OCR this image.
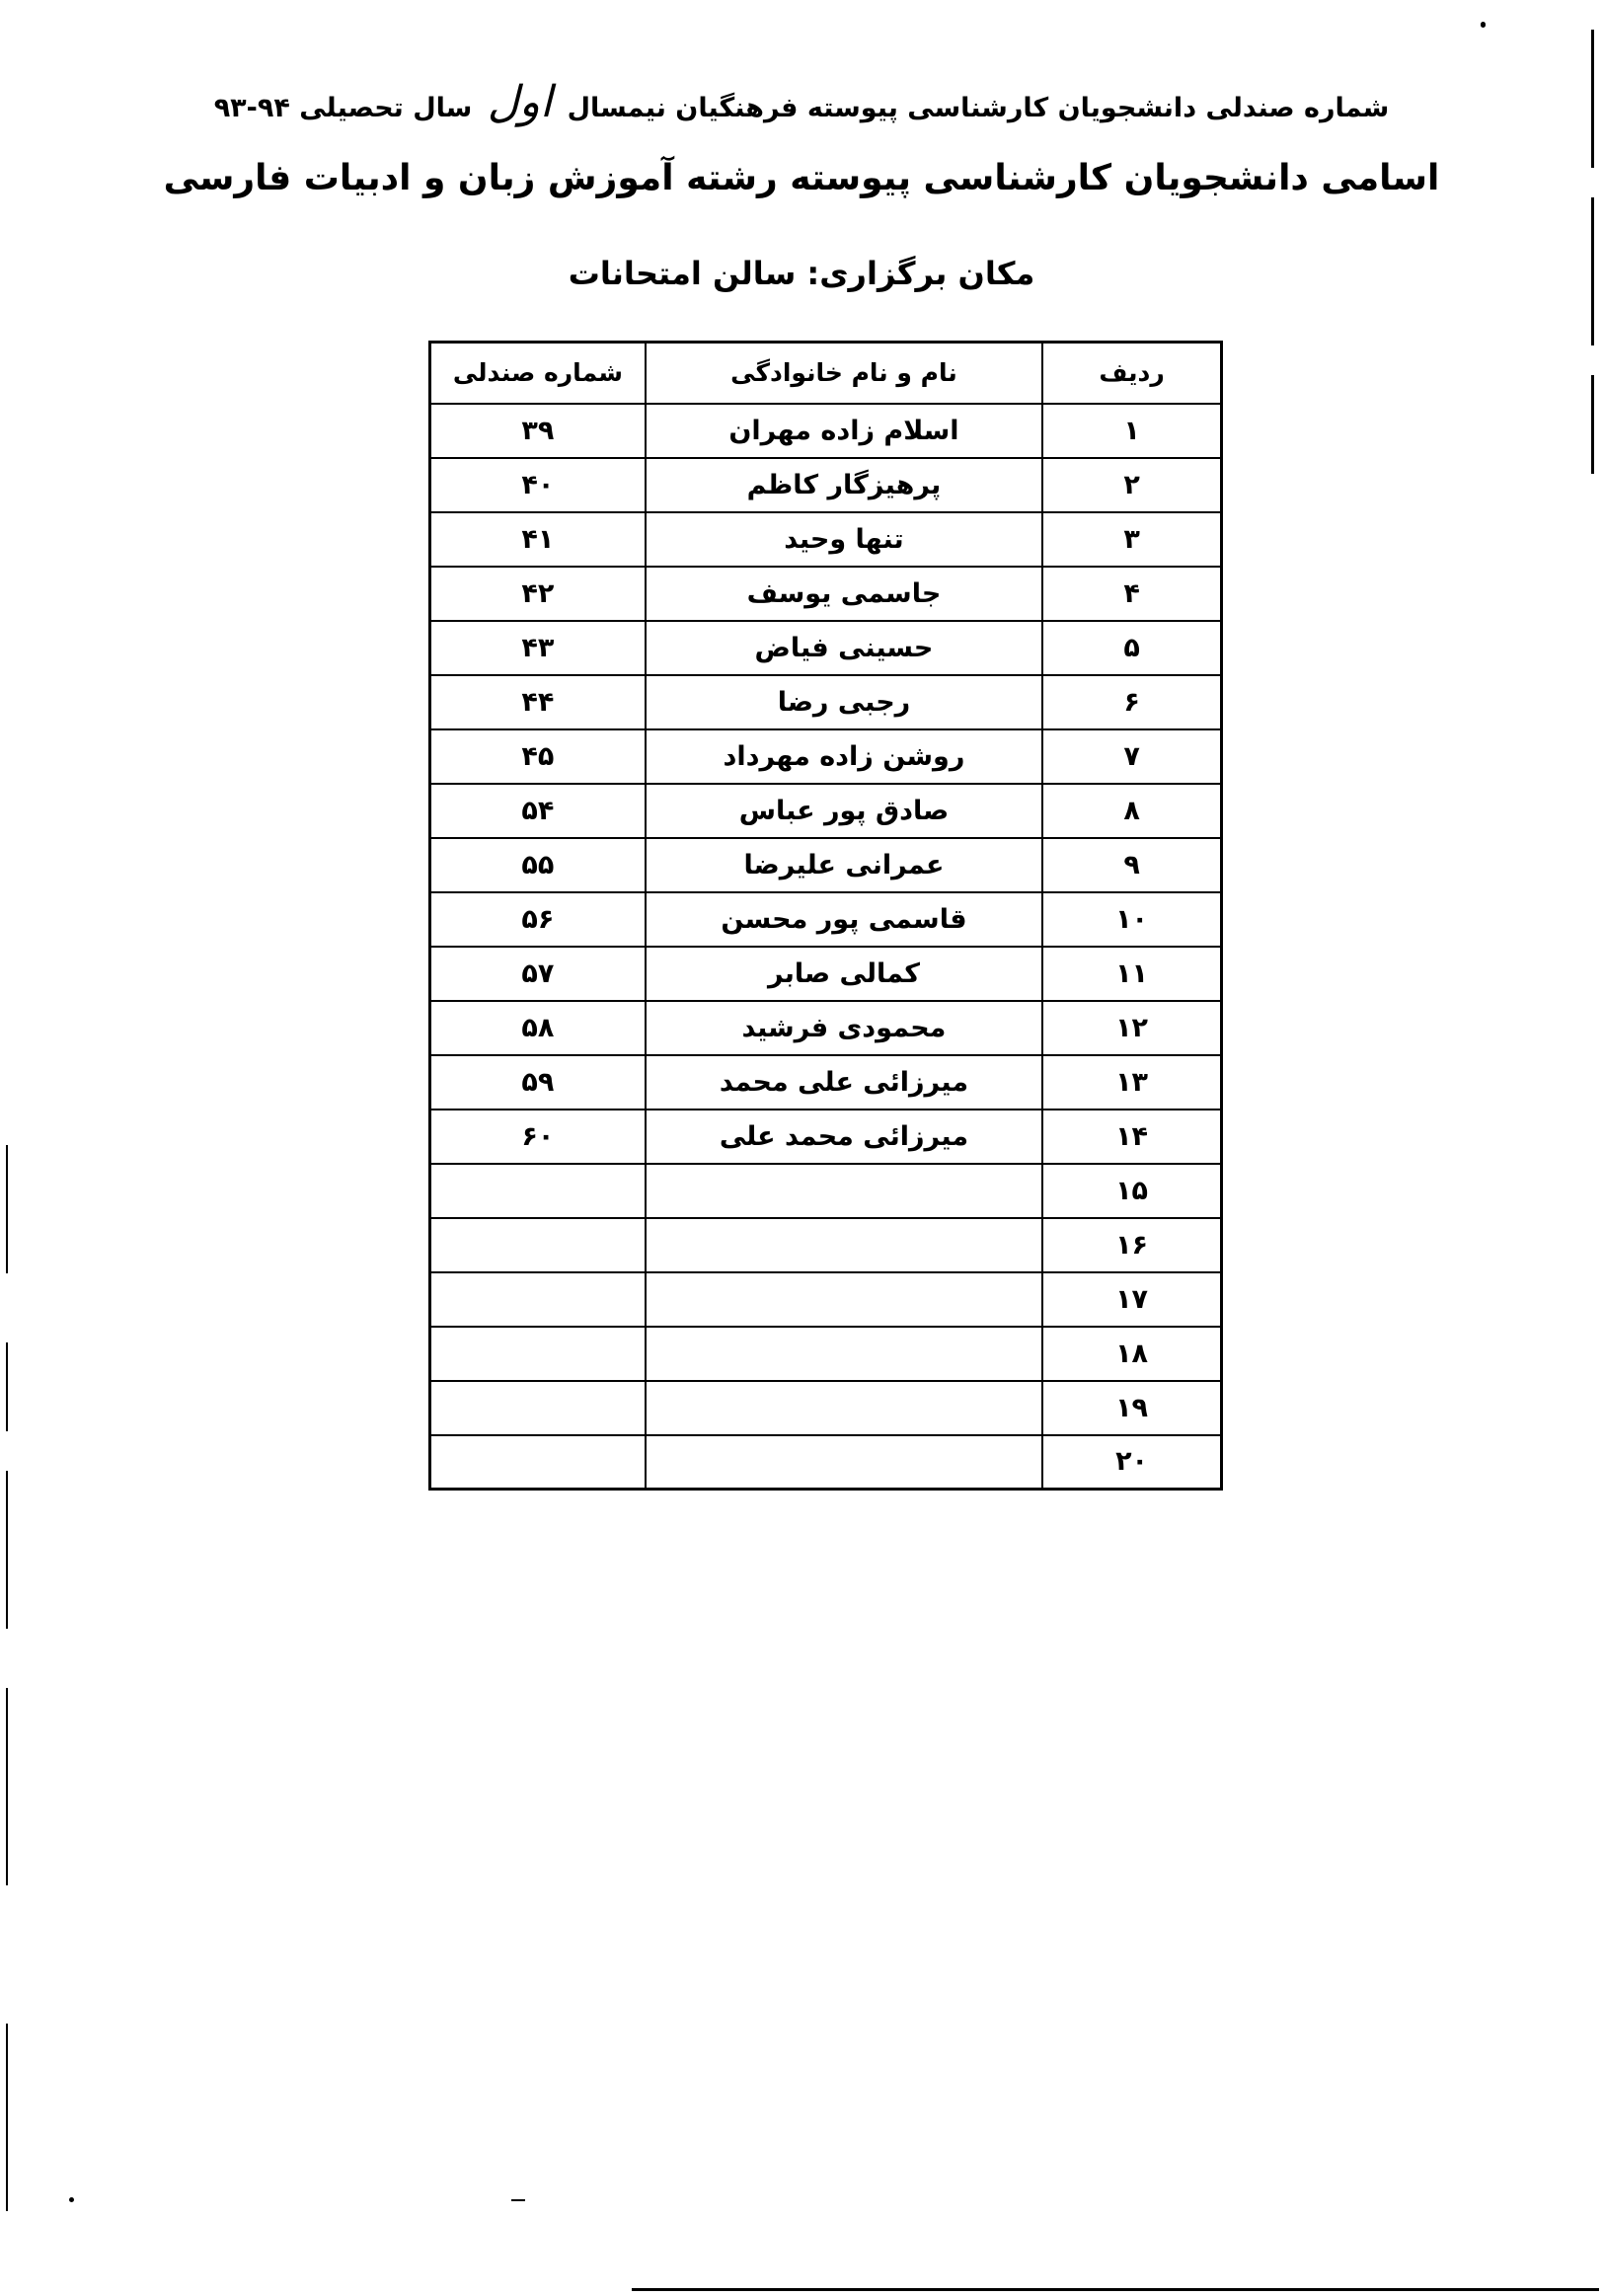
شماره صندلی دانشجویان کارشناسی پیوسته فرهنگیان نیمسال اول سال تحصیلی ۹۴-۹۳
اسامی دانشجویان کارشناسی پیوسته رشته آموزش زبان و ادبیات فارسی
مکان برگزاری: سالن امتحانات
ردیف	نام و نام خانوادگی	شماره صندلی
۱	اسلام زاده مهران	۳۹
۲	پرهیزگار کاظم	۴۰
۳	تنها وحید	۴۱
۴	جاسمی یوسف	۴۲
۵	حسینی فیاض	۴۳
۶	رجبی رضا	۴۴
۷	روشن زاده مهرداد	۴۵
۸	صادق پور عباس	۵۴
۹	عمرانی علیرضا	۵۵
۱۰	قاسمی پور محسن	۵۶
۱۱	کمالی صابر	۵۷
۱۲	محمودی فرشید	۵۸
۱۳	میرزائی علی محمد	۵۹
۱۴	میرزائی محمد علی	۶۰
۱۵		
۱۶		
۱۷		
۱۸		
۱۹		
۲۰		
